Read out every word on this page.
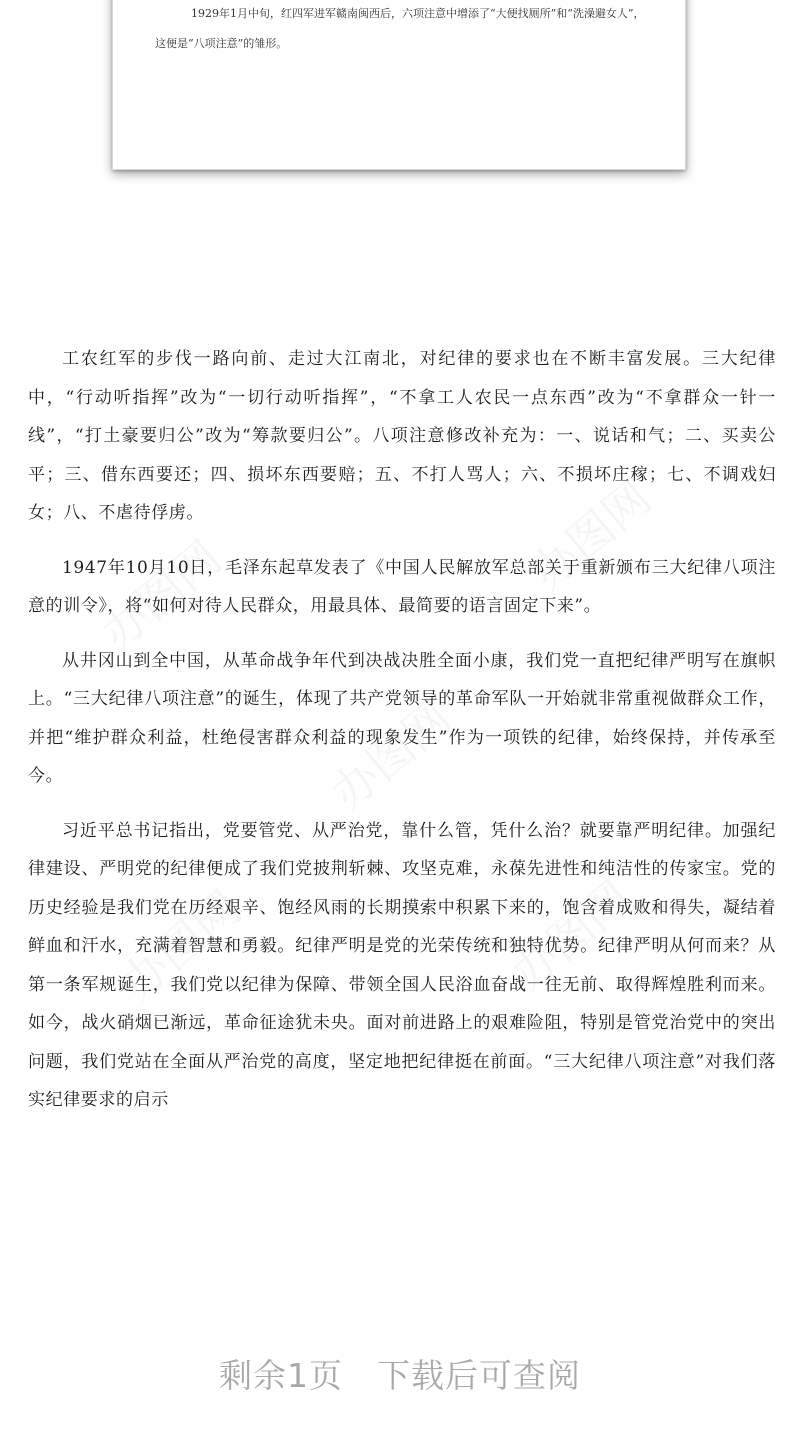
1929年1月中旬，红四军进军赣南闽西后，六项注意中增添了“大便找厕所”和“洗澡避女人”，这便是“八项注意”的雏形。

办图网
办图网
办图网
办图网	办图网

工农红军的步伐一路向前、走过大江南北，对纪律的要求也在不断丰富发展。三大纪律中，“行动听指挥”改为“一切行动听指挥”，“不拿工人农民一点东西”改为“不拿群众一针一线”，“打土豪要归公”改为“筹款要归公”。八项注意修改补充为：一、说话和气；二、买卖公平；三、借东西要还；四、损坏东西要赔；五、不打人骂人；六、不损坏庄稼；七、不调戏妇女；八、不虐待俘虏。

1947年10月10日，毛泽东起草发表了《中国人民解放军总部关于重新颁布三大纪律八项注意的训令》，将“如何对待人民群众，用最具体、最简要的语言固定下来”。

从井冈山到全中国，从革命战争年代到决战决胜全面小康，我们党一直把纪律严明写在旗帜上。“三大纪律八项注意”的诞生，体现了共产党领导的革命军队一开始就非常重视做群众工作，并把“维护群众利益，杜绝侵害群众利益的现象发生”作为一项铁的纪律，始终保持，并传承至今。

习近平总书记指出，党要管党、从严治党，靠什么管，凭什么治？就要靠严明纪律。加强纪律建设、严明党的纪律便成了我们党披荆斩棘、攻坚克难，永葆先进性和纯洁性的传家宝。党的历史经验是我们党在历经艰辛、饱经风雨的长期摸索中积累下来的，饱含着成败和得失，凝结着鲜血和汗水，充满着智慧和勇毅。纪律严明是党的光荣传统和独特优势。纪律严明从何而来？从第一条军规诞生，我们党以纪律为保障、带领全国人民浴血奋战一往无前、取得辉煌胜利而来。如今，战火硝烟已渐远，革命征途犹未央。面对前进路上的艰难险阻，特别是管党治党中的突出问题，我们党站在全面从严治党的高度，坚定地把纪律挺在前面。“三大纪律八项注意”对我们落实纪律要求的启示

剩余1页 下载后可查阅
